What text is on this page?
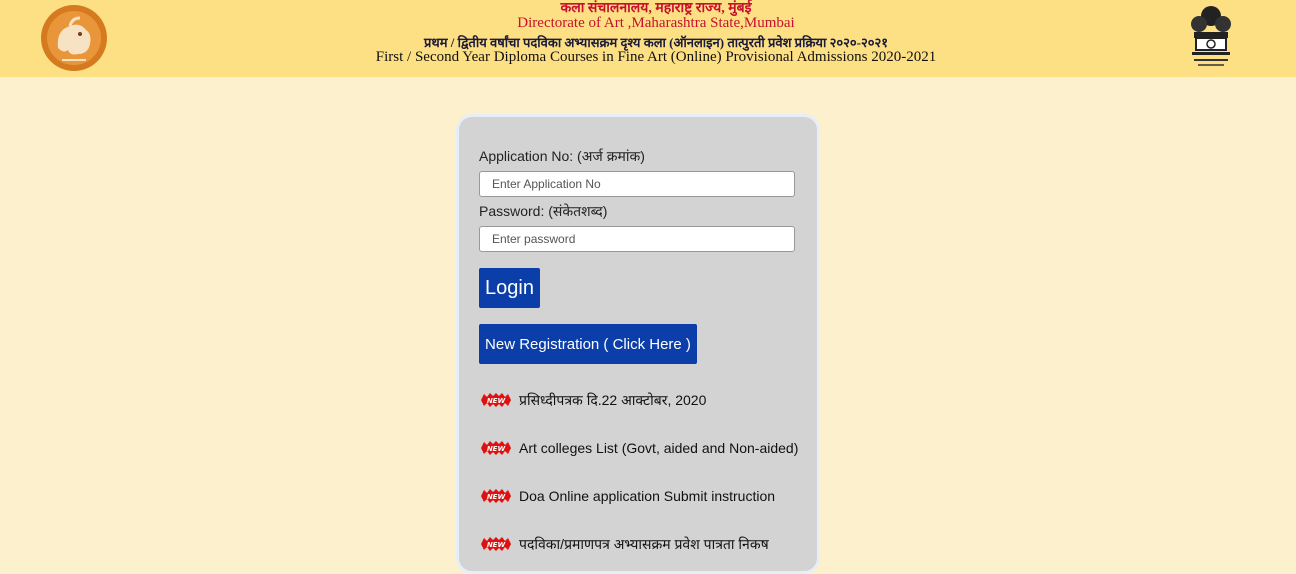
कला संचालनालय, महाराष्ट्र राज्य, मुंबई
Directorate of Art ,Maharashtra State,Mumbai
प्रथम / द्वितीय वर्षांचा पदविका अभ्यासक्रम दृश्य कला (ऑनलाइन) तात्पुरती प्रवेश प्रक्रिया २०२०-२०२१
First / Second Year Diploma Courses in Fine Art (Online) Provisional Admissions 2020-2021
Application No: (अर्ज क्रमांक)
Enter Application No
Password: (संकेतशब्द)
Login
New Registration ( Click Here )
NEW प्रसिध्दीपत्रक दि.22 आक्टोबर, 2020
NEW Art colleges List (Govt, aided and Non-aided)
NEW Doa Online application Submit instruction
NEW पदविका/प्रमाणपत्र अभ्यासक्रम प्रवेश पात्रता निकष
